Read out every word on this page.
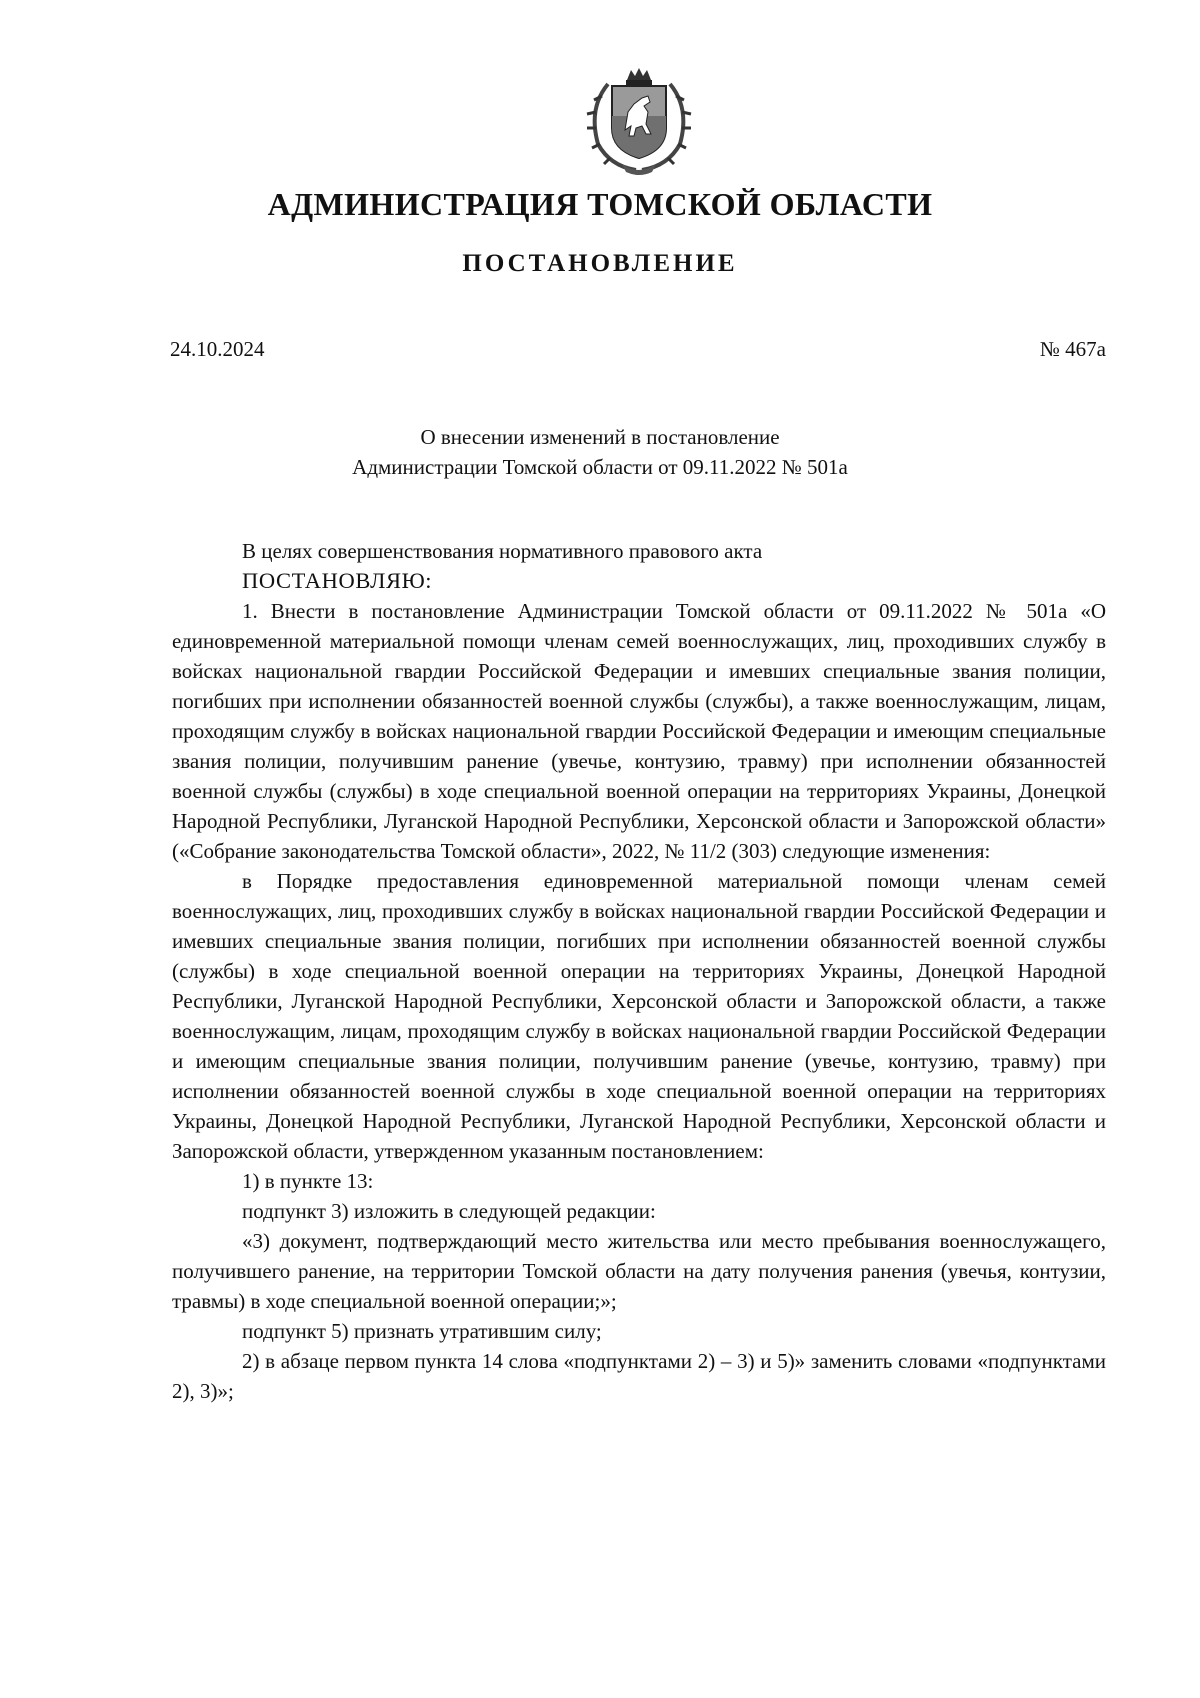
АДМИНИСТРАЦИЯ ТОМСКОЙ ОБЛАСТИ
ПОСТАНОВЛЕНИЕ
24.10.2024	№ 467а
О внесении изменений в постановление
Администрации Томской области от 09.11.2022 № 501а

В целях совершенствования нормативного правового акта

ПОСТАНОВЛЯЮ:

1. Внести в постановление Администрации Томской области от 09.11.2022 № 501а «О единовременной материальной помощи членам семей военнослужащих, лиц, проходивших службу в войсках национальной гвардии Российской Федерации и имевших специальные звания полиции, погибших при исполнении обязанностей военной службы (службы), а также военнослужащим, лицам, проходящим службу в войсках национальной гвардии Российской Федерации и имеющим специальные звания полиции, получившим ранение (увечье, контузию, травму) при исполнении обязанностей военной службы (службы) в ходе специальной военной операции на территориях Украины, Донецкой Народной Республики, Луганской Народной Республики, Херсонской области и Запорожской области» («Собрание законодательства Томской области», 2022, № 11/2 (303) следующие изменения:

в Порядке предоставления единовременной материальной помощи членам семей военнослужащих, лиц, проходивших службу в войсках национальной гвардии Российской Федерации и имевших специальные звания полиции, погибших при исполнении обязанностей военной службы (службы) в ходе специальной военной операции на территориях Украины, Донецкой Народной Республики, Луганской Народной Республики, Херсонской области и Запорожской области, а также военнослужащим, лицам, проходящим службу в войсках национальной гвардии Российской Федерации и имеющим специальные звания полиции, получившим ранение (увечье, контузию, травму) при исполнении обязанностей военной службы в ходе специальной военной операции на территориях Украины, Донецкой Народной Республики, Луганской Народной Республики, Херсонской области и Запорожской области, утвержденном указанным постановлением:

1) в пункте 13:

подпункт 3) изложить в следующей редакции:

«3) документ, подтверждающий место жительства или место пребывания военнослужащего, получившего ранение, на территории Томской области на дату получения ранения (увечья, контузии, травмы) в ходе специальной военной операции;»;

подпункт 5) признать утратившим силу;

2) в абзаце первом пункта 14 слова «подпунктами 2) – 3) и 5)» заменить словами «подпунктами 2), 3)»;
